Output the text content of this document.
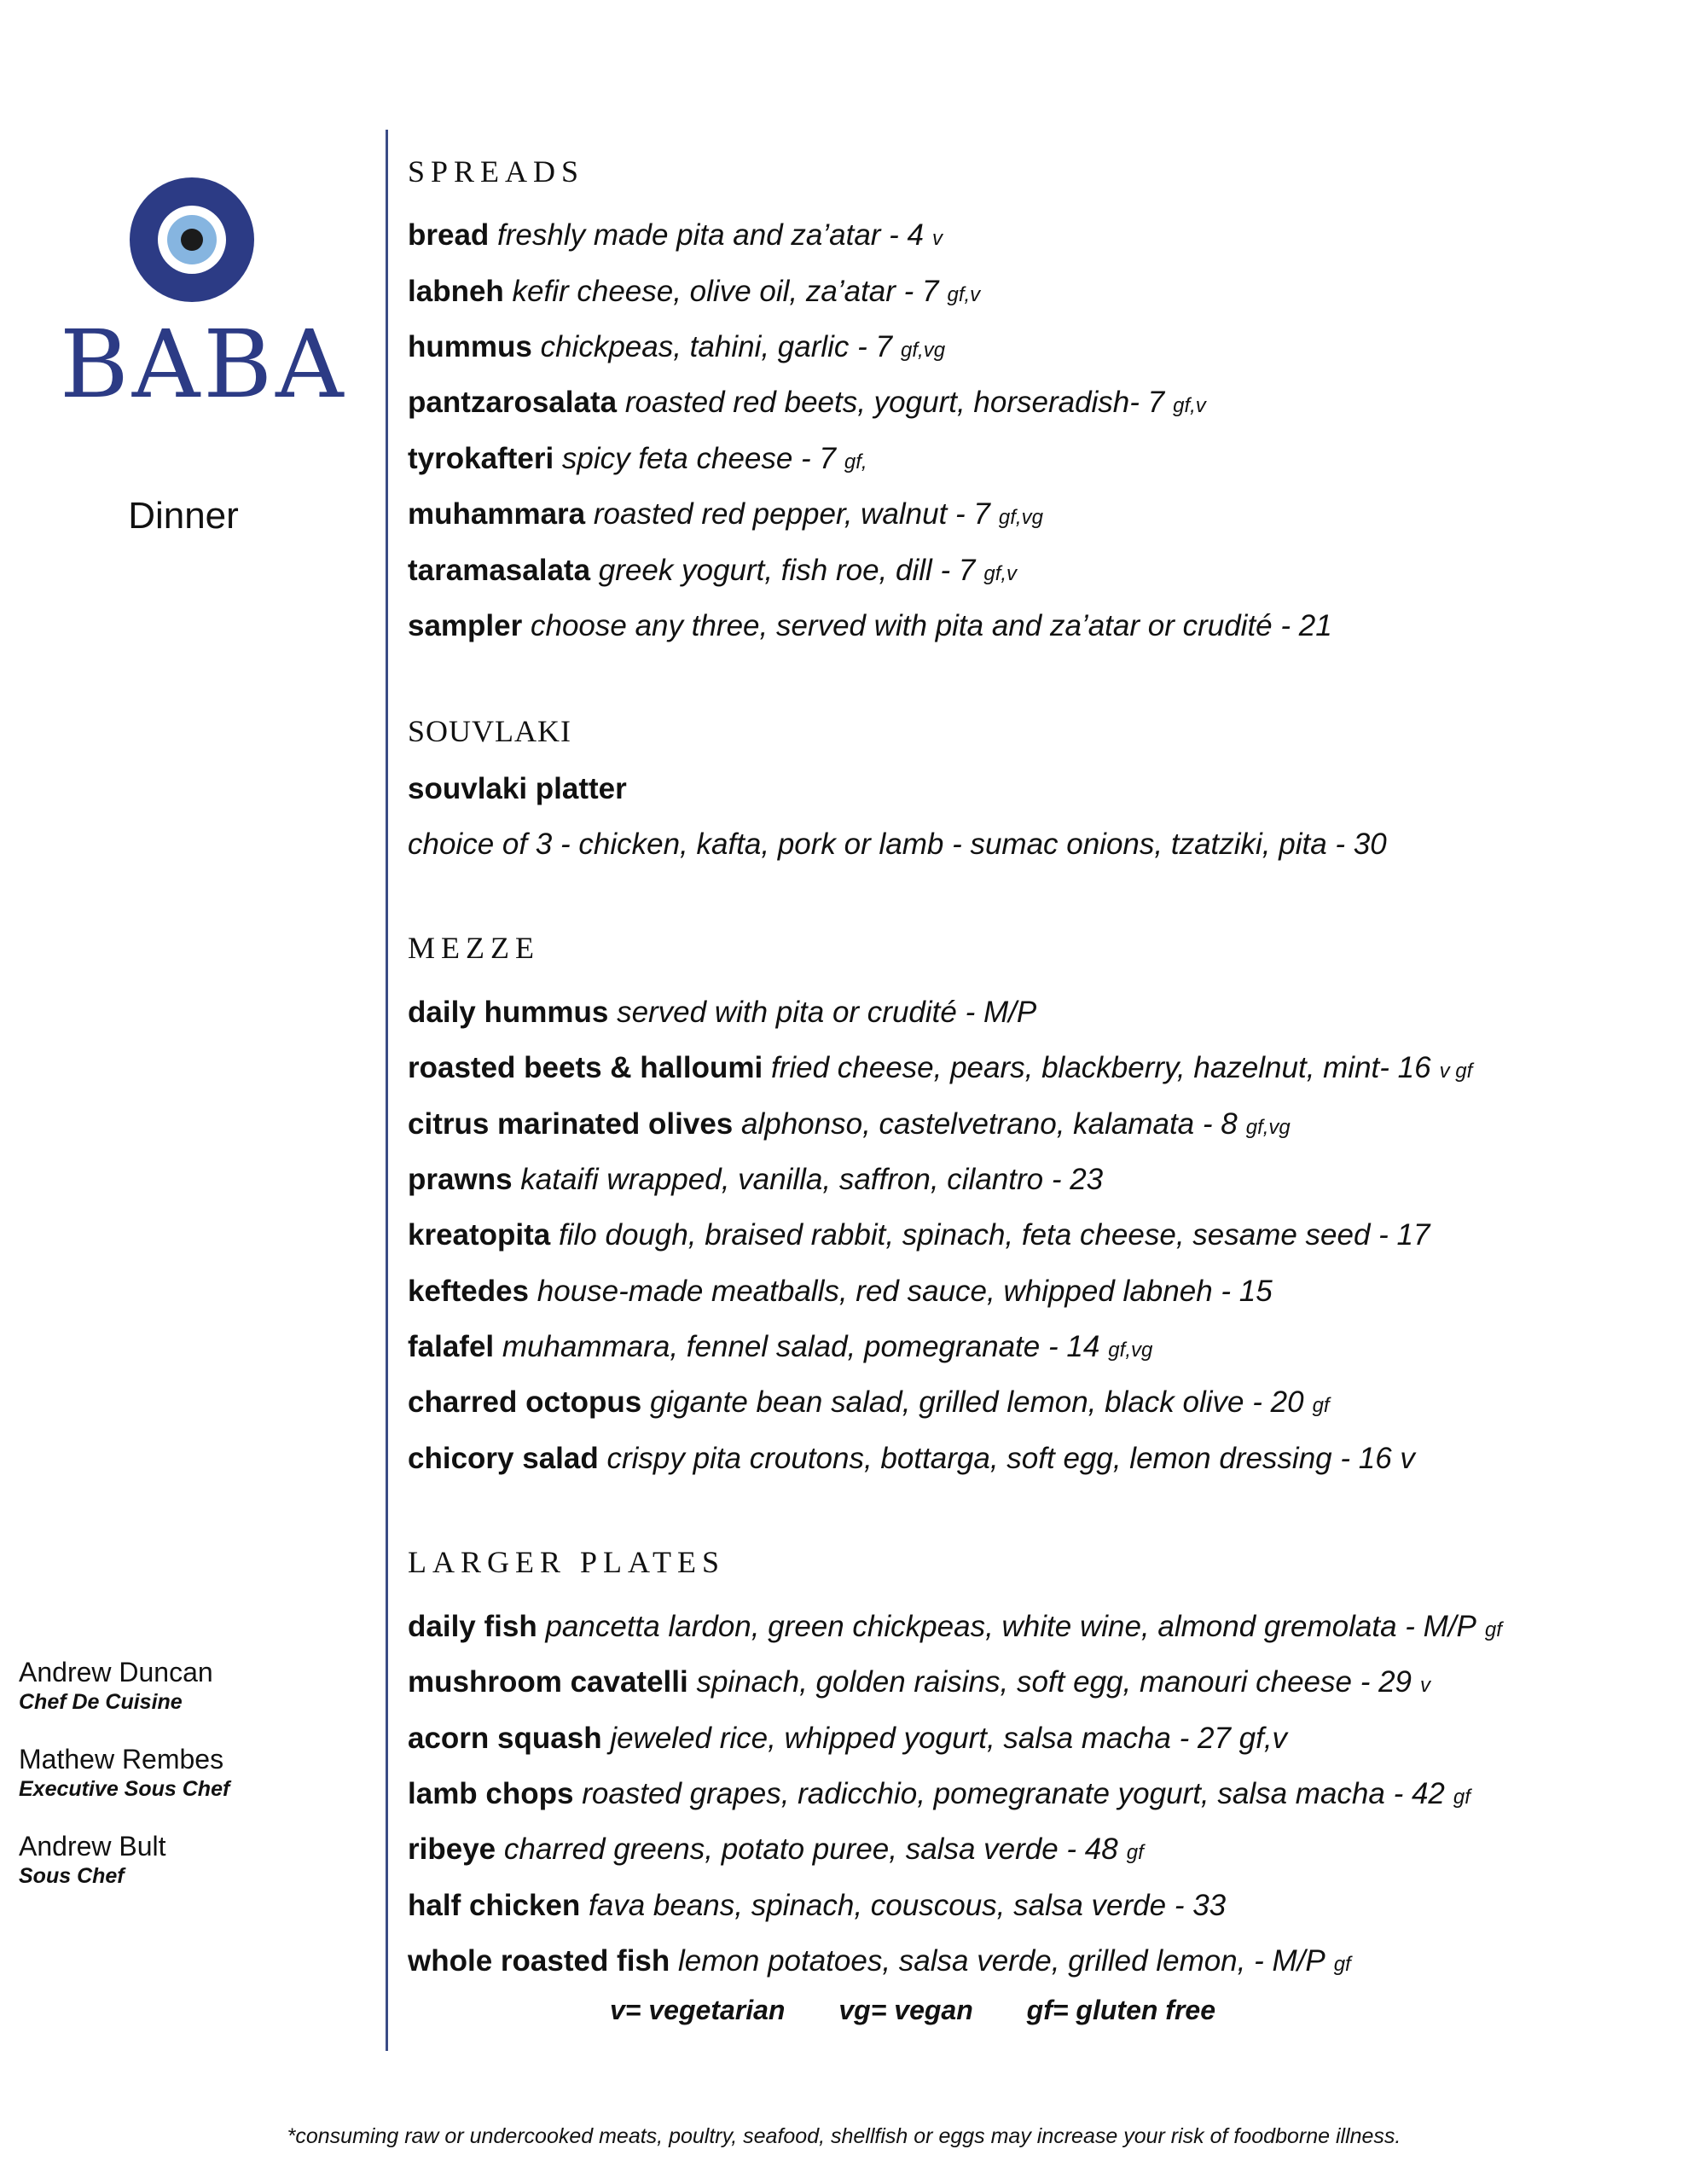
BABA
Dinner
Andrew Duncan
Chef De Cuisine
Mathew Rembes
Executive Sous Chef
Andrew Bult
Sous Chef
SPREADS
bread freshly made pita and za’atar - 4 v
labneh kefir cheese, olive oil, za’atar - 7 gf,v
hummus chickpeas, tahini, garlic - 7 gf,vg
pantzarosalata roasted red beets, yogurt, horseradish- 7 gf,v
tyrokafteri spicy feta cheese - 7 gf,
muhammara roasted red pepper, walnut - 7 gf,vg
taramasalata greek yogurt, fish roe, dill - 7 gf,v
sampler choose any three, served with pita and za’atar or crudité - 21
SOUVLAKI
souvlaki platter
choice of 3 - chicken, kafta, pork or lamb - sumac onions, tzatziki, pita - 30
MEZZE
daily hummus served with pita or crudité - M/P
roasted beets & halloumi fried cheese, pears, blackberry, hazelnut, mint- 16 v gf
citrus marinated olives alphonso, castelvetrano, kalamata - 8 gf,vg
prawns kataifi wrapped, vanilla, saffron, cilantro - 23
kreatopita filo dough, braised rabbit, spinach, feta cheese, sesame seed - 17
keftedes house-made meatballs, red sauce, whipped labneh - 15
falafel muhammara, fennel salad, pomegranate - 14 gf,vg
charred octopus gigante bean salad, grilled lemon, black olive - 20 gf
chicory salad crispy pita croutons, bottarga, soft egg, lemon dressing - 16 v
LARGER PLATES
daily fish pancetta lardon, green chickpeas, white wine, almond gremolata - M/P gf
mushroom cavatelli spinach, golden raisins, soft egg, manouri cheese - 29 v
acorn squash jeweled rice, whipped yogurt, salsa macha - 27 gf,v
lamb chops roasted grapes, radicchio, pomegranate yogurt, salsa macha - 42 gf
ribeye charred greens, potato puree, salsa verde - 48 gf
half chicken fava beans, spinach, couscous, salsa verde - 33
whole roasted fish lemon potatoes, salsa verde, grilled lemon, - M/P gf
v= vegetarian vg= vegan gf= gluten free
*consuming raw or undercooked meats, poultry, seafood, shellfish or eggs may increase your risk of foodborne illness.
